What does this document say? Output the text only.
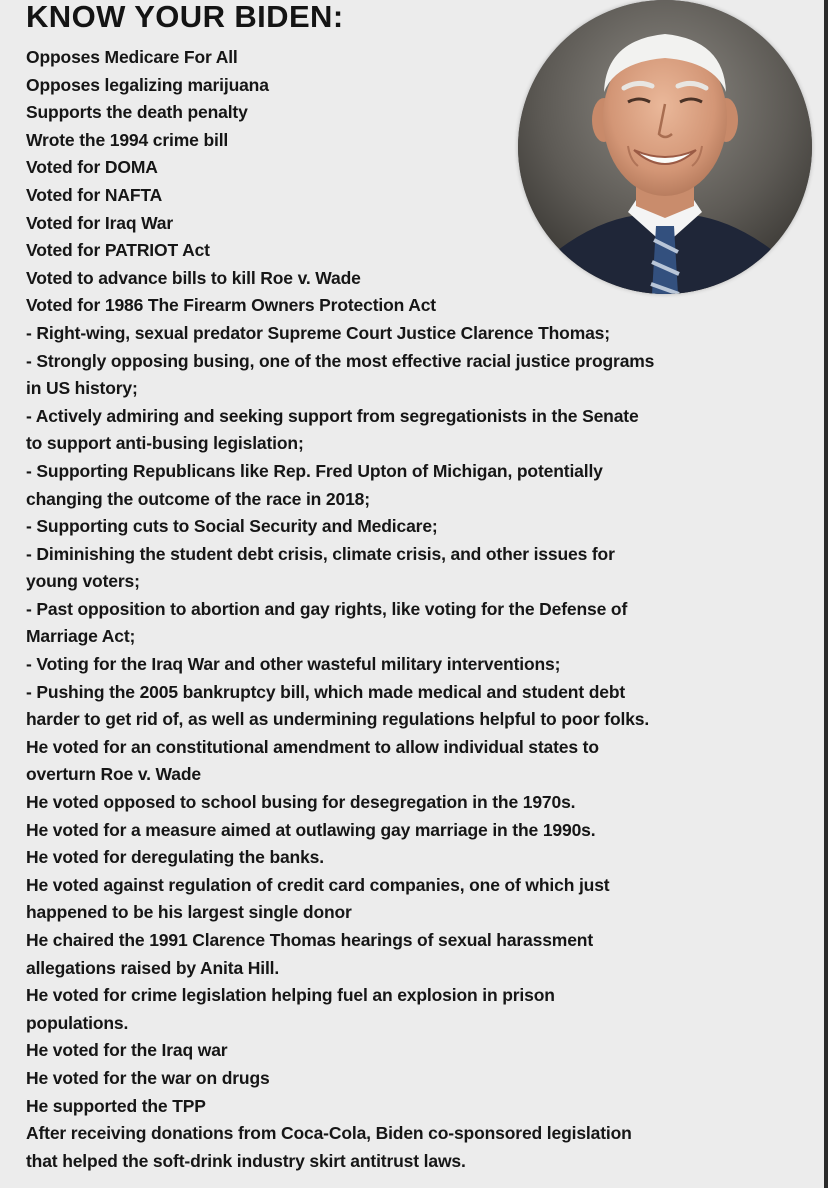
KNOW YOUR BIDEN:
Opposes Medicare For All
Opposes legalizing marijuana
Supports the death penalty
Wrote the 1994 crime bill
Voted for DOMA
Voted for NAFTA
Voted for Iraq War
Voted for PATRIOT Act
Voted to advance bills to kill Roe v. Wade
Voted for 1986 The Firearm Owners Protection Act
- Right-wing, sexual predator Supreme Court Justice Clarence Thomas;
- Strongly opposing busing, one of the most effective racial justice programs
in US history;
- Actively admiring and seeking support from segregationists in the Senate
to support anti-busing legislation;
- Supporting Republicans like Rep. Fred Upton of Michigan, potentially
changing the outcome of the race in 2018;
- Supporting cuts to Social Security and Medicare;
- Diminishing the student debt crisis, climate crisis, and other issues for
young voters;
- Past opposition to abortion and gay rights, like voting for the Defense of
Marriage Act;
- Voting for the Iraq War and other wasteful military interventions;
- Pushing the 2005 bankruptcy bill, which made medical and student debt
harder to get rid of, as well as undermining regulations helpful to poor folks.
He voted for an constitutional amendment to allow individual states to
overturn Roe v. Wade
He voted opposed to school busing for desegregation in the 1970s.
He voted for a measure aimed at outlawing gay marriage in the 1990s.
He voted for deregulating the banks.
He voted against regulation of credit card companies, one of which just
happened to be his largest single donor
He chaired the 1991 Clarence Thomas hearings of sexual harassment
allegations raised by Anita Hill.
He voted for crime legislation helping fuel an explosion in prison
populations.
He voted for the Iraq war
He voted for the war on drugs
He supported the TPP
After receiving donations from Coca-Cola, Biden co-sponsored legislation
that helped the soft-drink industry skirt antitrust laws.
